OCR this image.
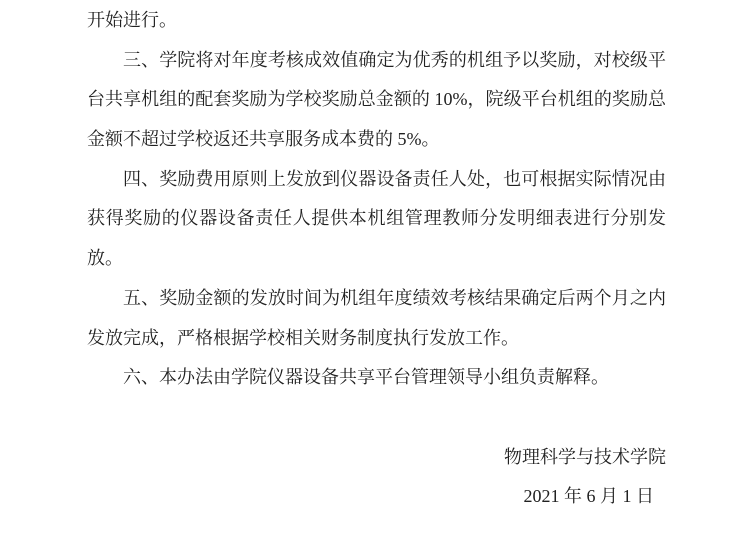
开始进行。
三、学院将对年度考核成效值确定为优秀的机组予以奖励，对校级平
台共享机组的配套奖励为学校奖励总金额的 10%，院级平台机组的奖励总
金额不超过学校返还共享服务成本费的 5%。
四、奖励费用原则上发放到仪器设备责任人处，也可根据实际情况由
获得奖励的仪器设备责任人提供本机组管理教师分发明细表进行分别发
放。
五、奖励金额的发放时间为机组年度绩效考核结果确定后两个月之内
发放完成，严格根据学校相关财务制度执行发放工作。
六、本办法由学院仪器设备共享平台管理领导小组负责解释。
物理科学与技术学院
2021 年 6 月 1 日
